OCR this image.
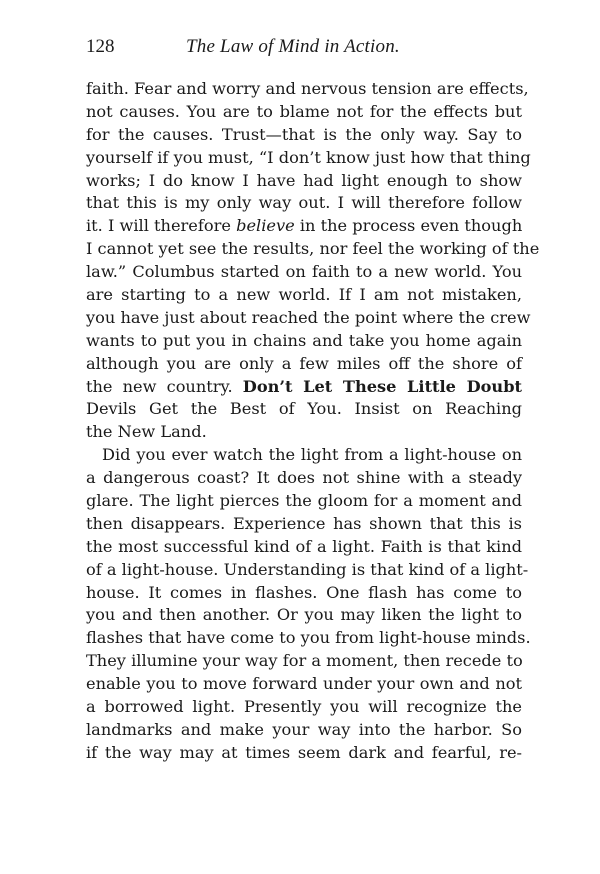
128	The Law of Mind in Action.
faith. Fear and worry and nervous tension are effects,
not causes. You are to blame not for the effects but
for the causes. Trust—that is the only way. Say to
yourself if you must, “I don’t know just how that thing
works; I do know I have had light enough to show
that this is my only way out. I will therefore follow
it. I will therefore believe in the process even though
I cannot yet see the results, nor feel the working of the
law.” Columbus started on faith to a new world. You
are starting to a new world. If I am not mistaken,
you have just about reached the point where the crew
wants to put you in chains and take you home again
although you are only a few miles off the shore of
the new country. Don’t Let These Little Doubt
Devils Get the Best of You. Insist on Reaching
the New Land.
Did you ever watch the light from a light-house on
a dangerous coast? It does not shine with a steady
glare. The light pierces the gloom for a moment and
then disappears. Experience has shown that this is
the most successful kind of a light. Faith is that kind
of a light-house. Understanding is that kind of a light-
house. It comes in flashes. One flash has come to
you and then another. Or you may liken the light to
flashes that have come to you from light-house minds.
They illumine your way for a moment, then recede to
enable you to move forward under your own and not
a borrowed light. Presently you will recognize the
landmarks and make your way into the harbor. So
if the way may at times seem dark and fearful, re-
